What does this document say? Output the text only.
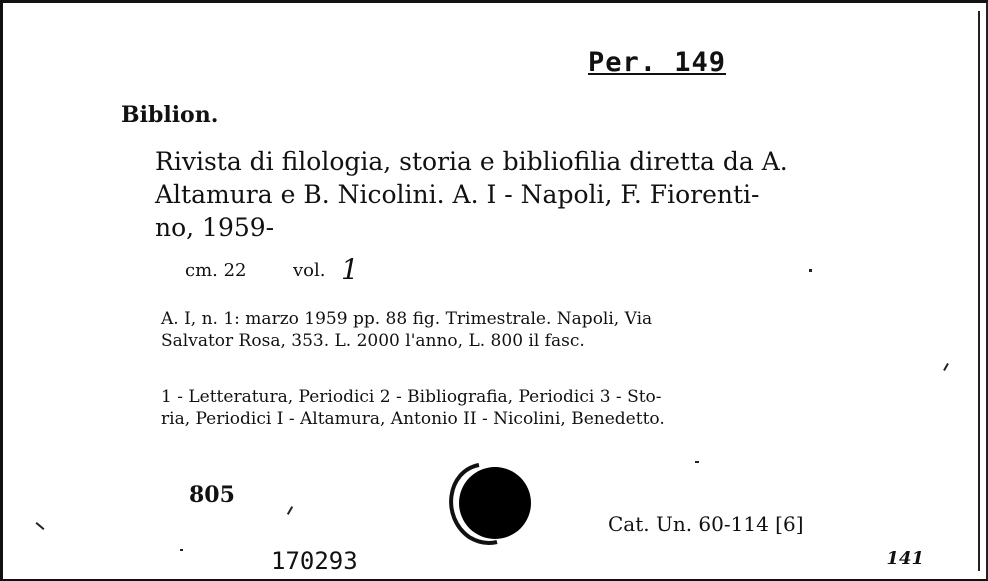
Per. 149
Biblion.
Rivista di filologia, storia e bibliofilia diretta da A.
Altamura e B. Nicolini. A. I - Napoli, F. Fiorenti-
no, 1959-
cm. 22	vol. 1
A. I, n. 1: marzo 1959 pp. 88 fig. Trimestrale. Napoli, Via
Salvator Rosa, 353. L. 2000 l'anno, L. 800 il fasc.
1 - Letteratura, Periodici 2 - Bibliografia, Periodici 3 - Sto-
ria, Periodici I - Altamura, Antonio II - Nicolini, Benedetto.
805
Cat. Un. 60-114 [6]
170293	141
